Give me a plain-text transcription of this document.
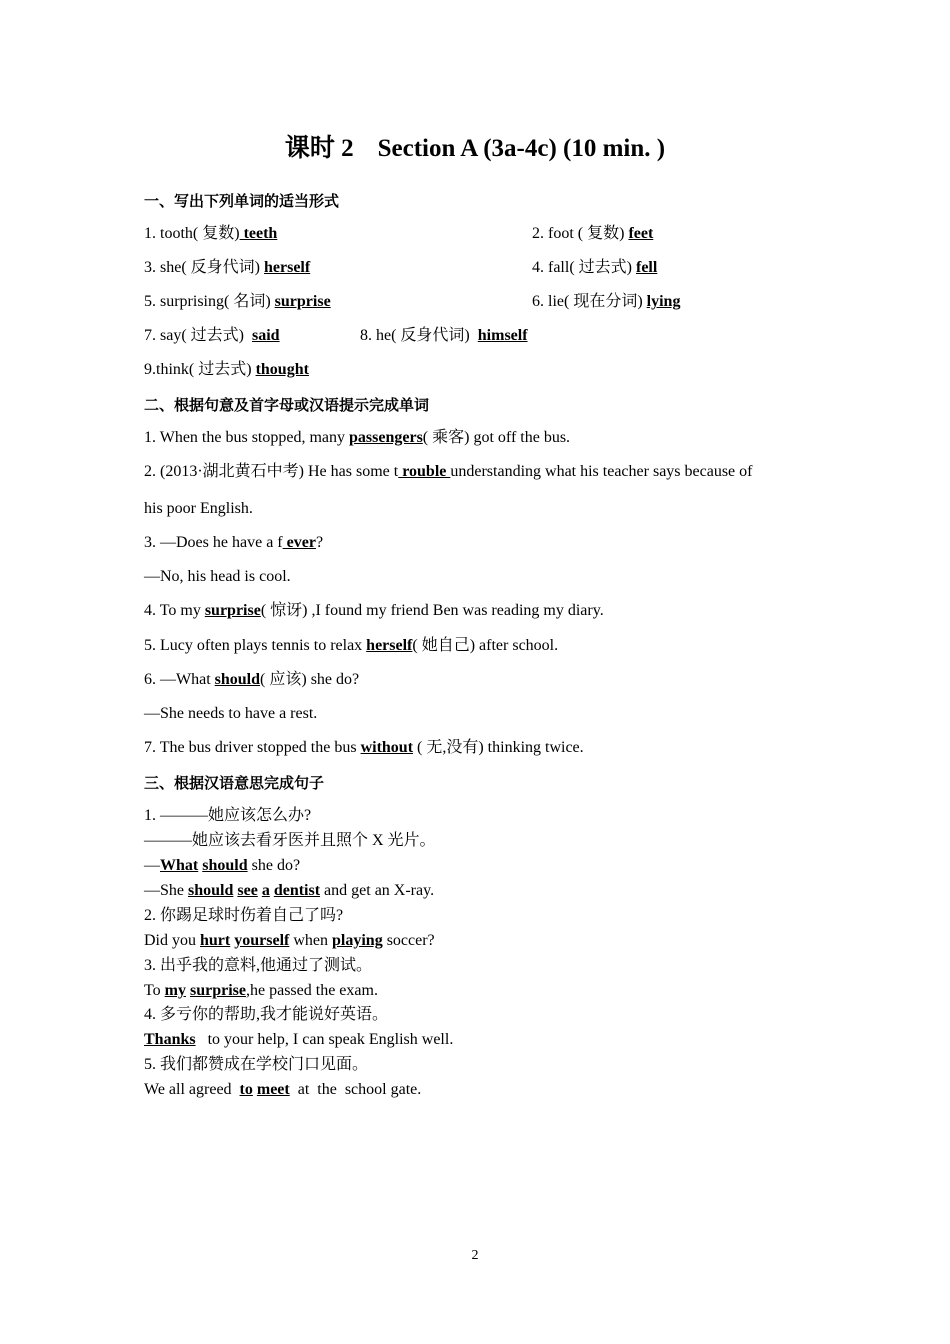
课时 2 Section A (3a-4c) (10 min. )
一、写出下列单词的适当形式
1. tooth( 复数) teeth	2. foot ( 复数) feet
3. she( 反身代词) herself	4. fall( 过去式) fell
5. surprising( 名词) surprise	6. lie( 现在分词) lying
7. say( 过去式) said	8. he( 反身代词) himself
9.think( 过去式) thought
二、根据句意及首字母或汉语提示完成单词
1. When the bus stopped, many passengers( 乘客) got off the bus.
2. (2013·湖北黄石中考) He has some t rouble understanding what his teacher says because of
his poor English.
3. —Does he have a f ever?
—No, his head is cool.
4. To my surprise( 惊讶) ,I found my friend Ben was reading my diary.
5. Lucy often plays tennis to relax herself( 她自己) after school.
6. —What should( 应该) she do?
—She needs to have a rest.
7. The bus driver stopped the bus without ( 无,没有) thinking twice.
三、根据汉语意思完成句子
1. ———她应该怎么办?
———她应该去看牙医并且照个 X 光片。
—What should she do?
—She should see a dentist and get an X-ray.
2. 你踢足球时伤着自己了吗?
Did you hurt yourself when playing soccer?
3. 出乎我的意料,他通过了测试。
To my surprise,he passed the exam.
4. 多亏你的帮助,我才能说好英语。
Thanks   to your help, I can speak English well.
5. 我们都赞成在学校门口见面。
We all agreed  to meet  at  the  school gate.
2
